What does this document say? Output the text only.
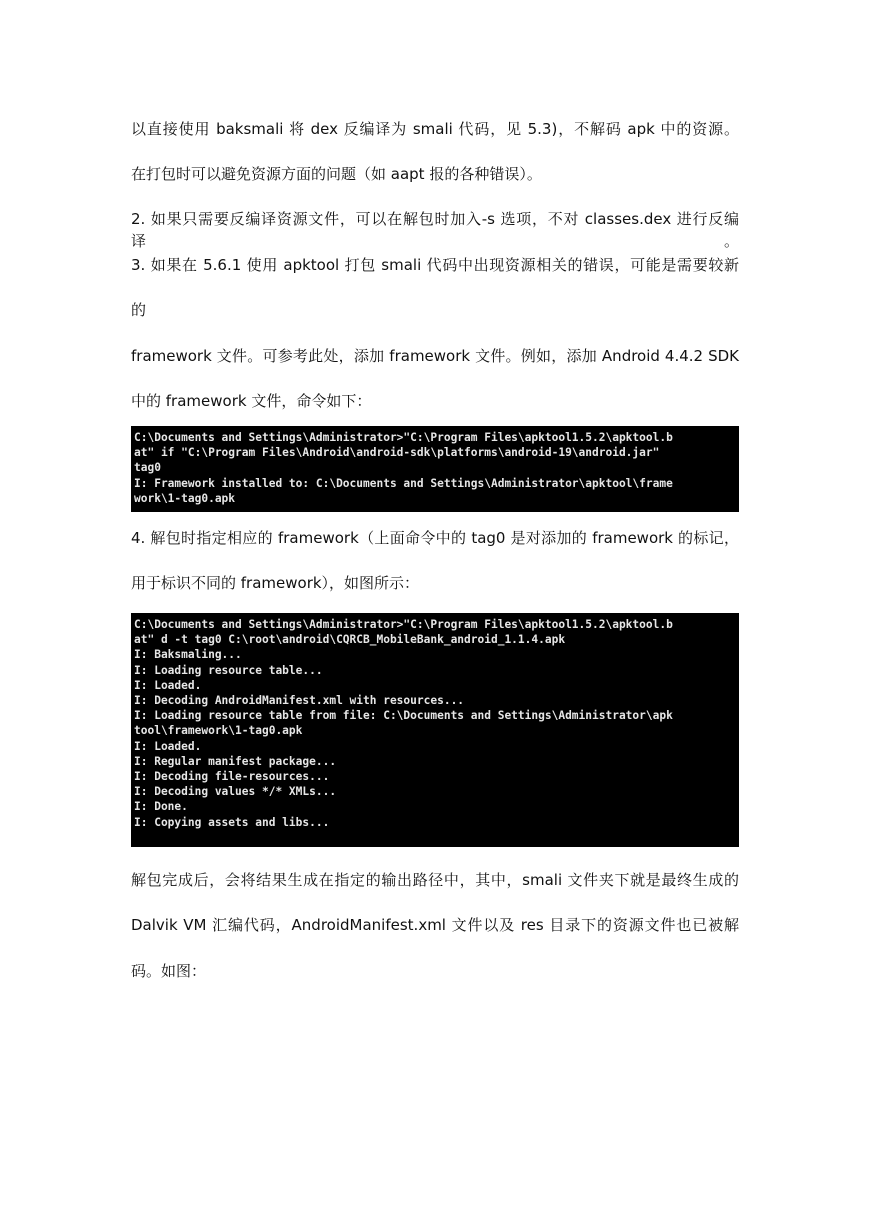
以直接使用 baksmali 将 dex 反编译为 smali 代码，见 5.3)，不解码 apk 中的资源。

在打包时可以避免资源方面的问题（如 aapt 报的各种错误）。

2. 如果只需要反编译资源文件，可以在解包时加入-s 选项，不对 classes.dex 进行反编译。

3. 如果在 5.6.1 使用 apktool 打包 smali 代码中出现资源相关的错误，可能是需要较新

的

framework 文件。可参考此处，添加 framework 文件。例如，添加 Android 4.4.2 SDK

中的 framework 文件，命令如下：

C:\Documents and Settings\Administrator>"C:\Program Files\apktool1.5.2\apktool.b
at" if "C:\Program Files\Android\android-sdk\platforms\android-19\android.jar"
tag0
I: Framework installed to: C:\Documents and Settings\Administrator\apktool\frame
work\1-tag0.apk

4. 解包时指定相应的 framework（上面命令中的 tag0 是对添加的 framework 的标记，

用于标识不同的 framework），如图所示：

C:\Documents and Settings\Administrator>"C:\Program Files\apktool1.5.2\apktool.b
at" d -t tag0 C:\root\android\CQRCB_MobileBank_android_1.1.4.apk
I: Baksmaling...
I: Loading resource table...
I: Loaded.
I: Decoding AndroidManifest.xml with resources...
I: Loading resource table from file: C:\Documents and Settings\Administrator\apk
tool\framework\1-tag0.apk
I: Loaded.
I: Regular manifest package...
I: Decoding file-resources...
I: Decoding values */* XMLs...
I: Done.
I: Copying assets and libs...

解包完成后，会将结果生成在指定的输出路径中，其中，smali 文件夹下就是最终生成的

Dalvik VM 汇编代码，AndroidManifest.xml 文件以及 res 目录下的资源文件也已被解

码。如图：
